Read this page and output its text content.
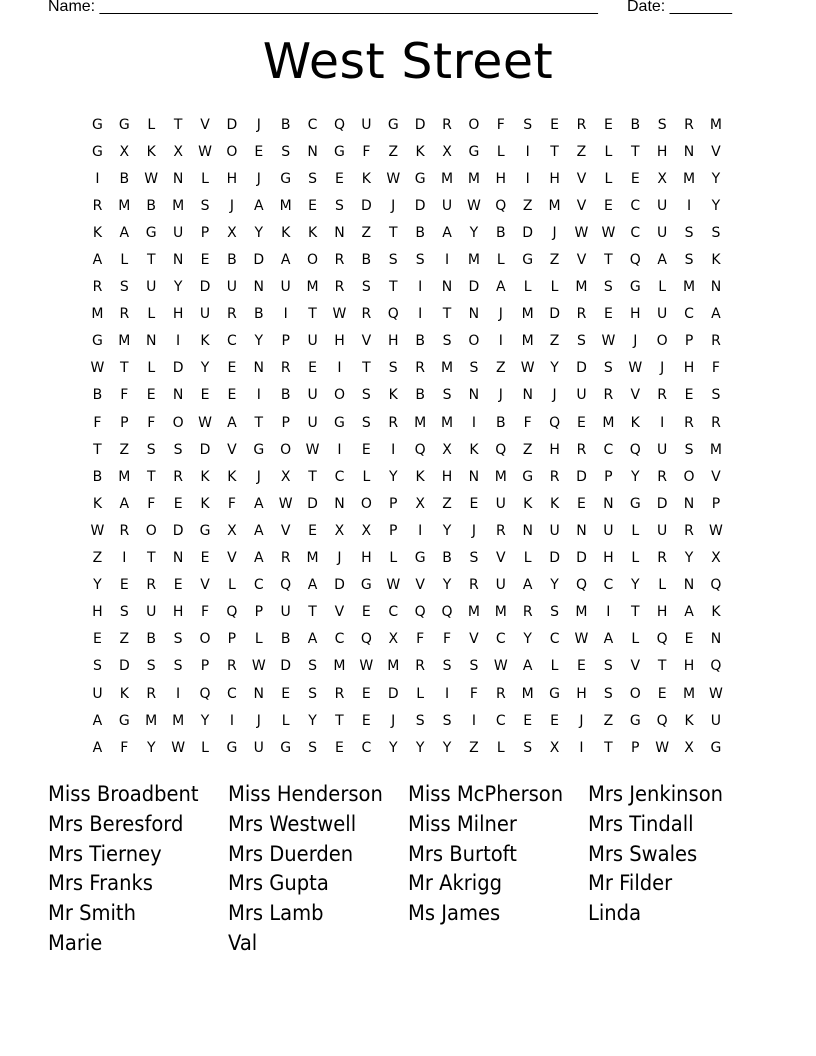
Name: ________________________________________________________

Date: _______

West Street
G	G	L	T	V	D	J	B	C	Q	U	G	D	R	O	F	S	E	R	E	B	S	R	M
G	X	K	X	W	O	E	S	N	G	F	Z	K	X	G	L	I	T	Z	L	T	H	N	V
I	B	W	N	L	H	J	G	S	E	K	W	G	M	M	H	I	H	V	L	E	X	M	Y
R	M	B	M	S	J	A	M	E	S	D	J	D	U	W	Q	Z	M	V	E	C	U	I	Y
K	A	G	U	P	X	Y	K	K	N	Z	T	B	A	Y	B	D	J	W W	C	U	S	S
A	L	T	N	E	B	D	A	O	R	B	S	S	I	M	L	G	Z	V	T	Q	A	S	K
R	S	U	Y	D	U	N	U	M	R	S	T	I	N	D	A	L	L	M	S	G	L	M	N
M	R	L	H	U	R	B	I	T	W	R	Q	I	T	N	J	M	D	R	E	H	U	C	A
G	M	N	I	K	C	Y	P	U	H	V	H	B	S	O	I	M	Z	S	W	J	O	P	R
W	T	L	D	Y	E	N	R	E	I	T	S	R	M	S	Z	W	Y	D	S	W	J	H	F
B	F	E	N	E	E	I	B	U	O	S	K	B	S	N	J	N	J	U	R	V	R	E	S
F	P	F	O	W	A	T	P	U	G	S	R	M	M	I	B	F	Q	E	M	K	I	R	R
T	Z	S	S	D	V	G	O	W	I	E	I	Q	X	K	Q	Z	H	R	C	Q	U	S	M
B	M	T	R	K	K	J	X	T	C	L	Y	K	H	N	M	G	R	D	P	Y	R	O	V
K	A	F	E	K	F	A	W	D	N	O	P	X	Z	E	U	K	K	E	N	G	D	N	P
W	R	O	D	G	X	A	V	E	X	X	P	I	Y	J	R	N	U	N	U	L	U	R	W
Z	I	T	N	E	V	A	R	M	J	H	L	G	B	S	V	L	D	D	H	L	R	Y	X
Y	E	R	E	V	L	C	Q	A	D	G	W	V	Y	R	U	A	Y	Q	C	Y	L	N	Q
H	S	U	H	F	Q	P	U	T	V	E	C	Q	Q	M	M	R	S	M	I	T	H	A	K
E	Z	B	S	O	P	L	B	A	C	Q	X	F	F	V	C	Y	C	W	A	L	Q	E	N
S	D	S	S	P	R	W	D	S	M W M	R	S	S	W	A	L	E	S	V	T	H	Q
U	K	R	I	Q	C	N	E	S	R	E	D	L	I	F	R	M	G	H	S	O	E	M W
A	G	M	M	Y	I	J	L	Y	T	E	J	S	S	I	C	E	E	J	Z	G	Q	K	U
A	F	Y	W	L	G	U	G	S	E	C	Y	Y	Y	Z	L	S	X	I	T	P	W	X	G
Miss Broadbent	Miss Henderson	Miss McPherson	Mrs Jenkinson
Mrs Beresford	Mrs Westwell	Miss Milner	Mrs Tindall
Mrs Tierney	Mrs Duerden	Mrs Burtoft	Mrs Swales
Mrs Franks	Mrs Gupta	Mr Akrigg	Mr Filder
Mr Smith	Mrs Lamb	Ms James	Linda
Marie	Val
